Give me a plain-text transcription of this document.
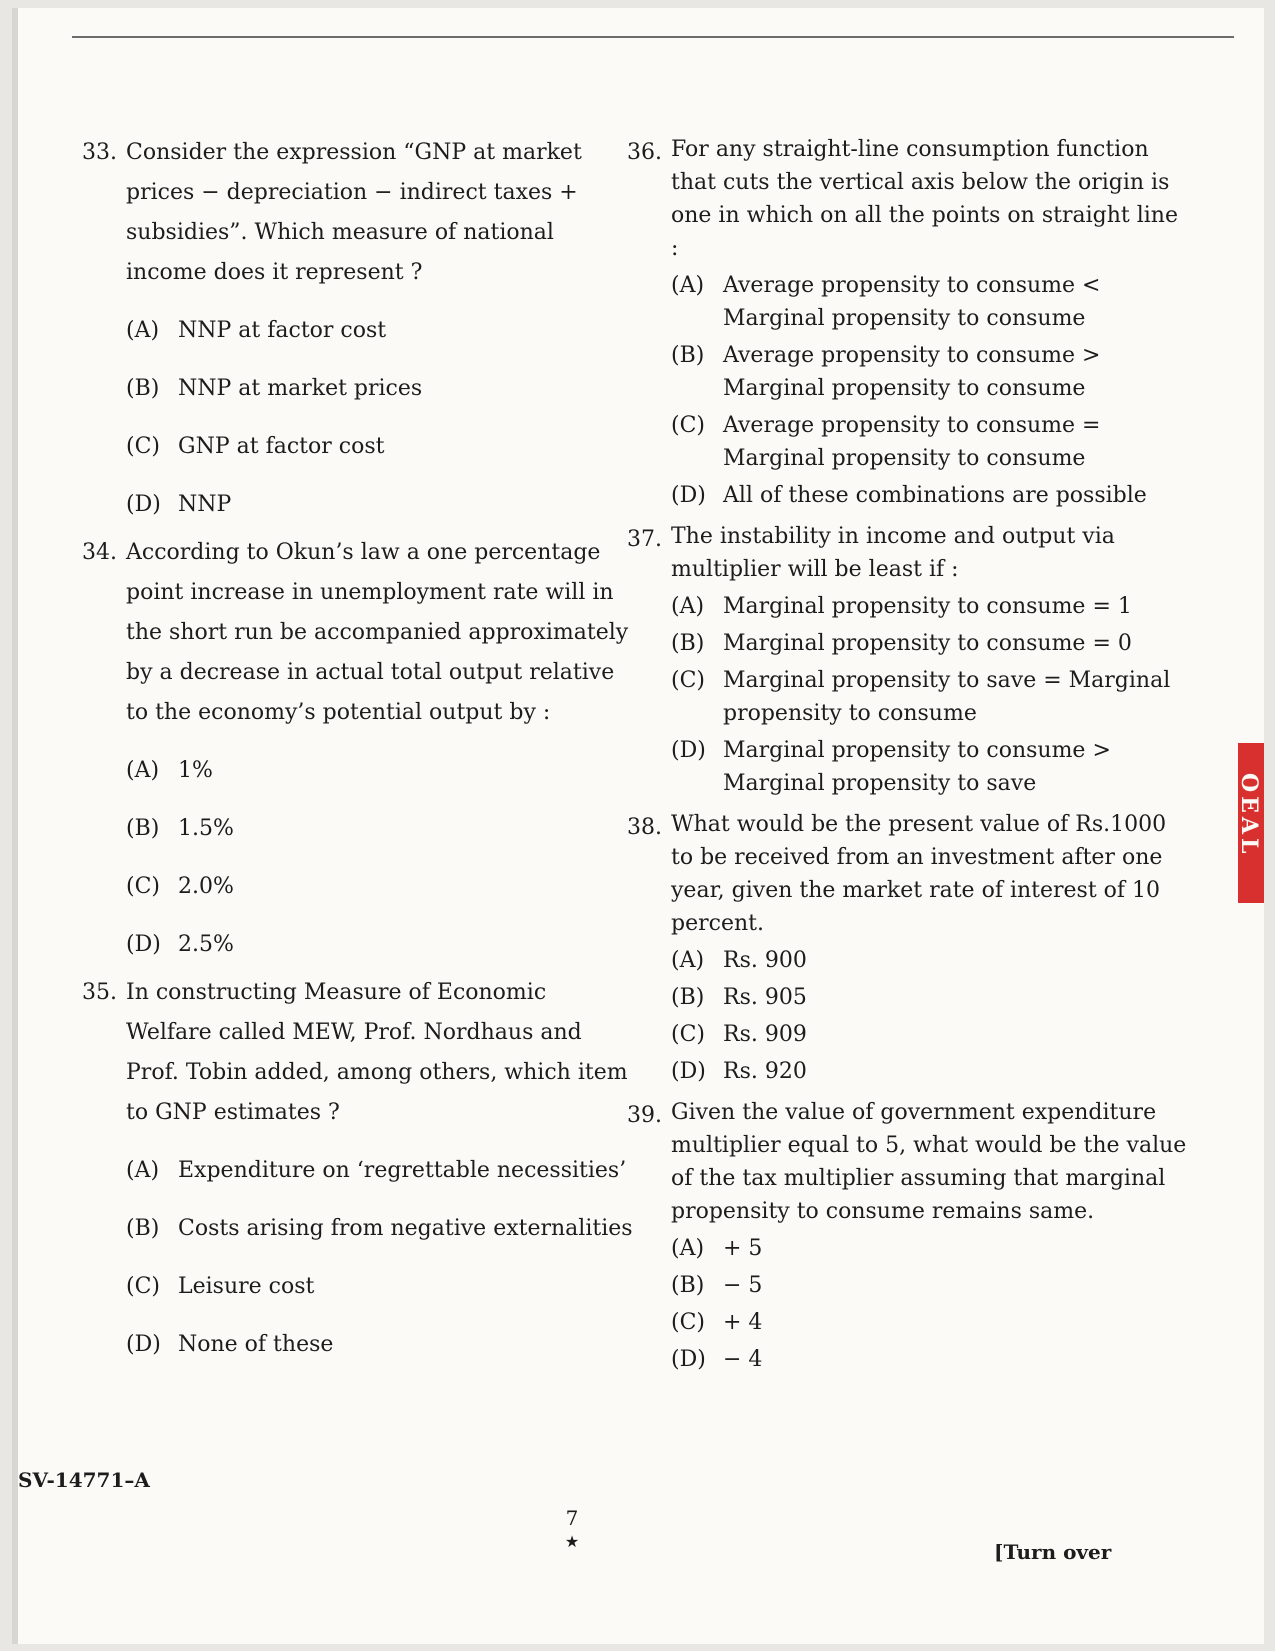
33. Consider the expression “GNP at market prices − depreciation − indirect taxes + subsidies”. Which measure of national income does it represent ?

(A) NNP at factor cost
(B) NNP at market prices
(C) GNP at factor cost
(D) NNP
34. According to Okun’s law a one percentage point increase in unemployment rate will in the short run be accompanied approximately by a decrease in actual total output relative to the economy’s potential output by :

(A) 1%
(B) 1.5%
(C) 2.0%
(D) 2.5%
35. In constructing Measure of Economic Welfare called MEW, Prof. Nordhaus and Prof. Tobin added, among others, which item to GNP estimates ?

(A) Expenditure on ‘regrettable necessities’
(B) Costs arising from negative externalities
(C) Leisure cost
(D) None of these
36. For any straight-line consumption function that cuts the vertical axis below the origin is one in which on all the points on straight line :

(A) Average propensity to consume < Marginal propensity to consume
(B) Average propensity to consume > Marginal propensity to consume
(C) Average propensity to consume = Marginal propensity to consume
(D) All of these combinations are possible
37. The instability in income and output via multiplier will be least if :

(A) Marginal propensity to consume = 1
(B) Marginal propensity to consume = 0
(C) Marginal propensity to save = Marginal propensity to consume
(D) Marginal propensity to consume > Marginal propensity to save
38. What would be the present value of Rs.1000 to be received from an investment after one year, given the market rate of interest of 10 percent.

(A) Rs. 900
(B) Rs. 905
(C) Rs. 909
(D) Rs. 920
39. Given the value of government expenditure multiplier equal to 5, what would be the value of the tax multiplier assuming that marginal propensity to consume remains same.

(A) + 5
(B) − 5
(C) + 4
(D) − 4
OEAL
SV-14771–A
7
★	[Turn over
